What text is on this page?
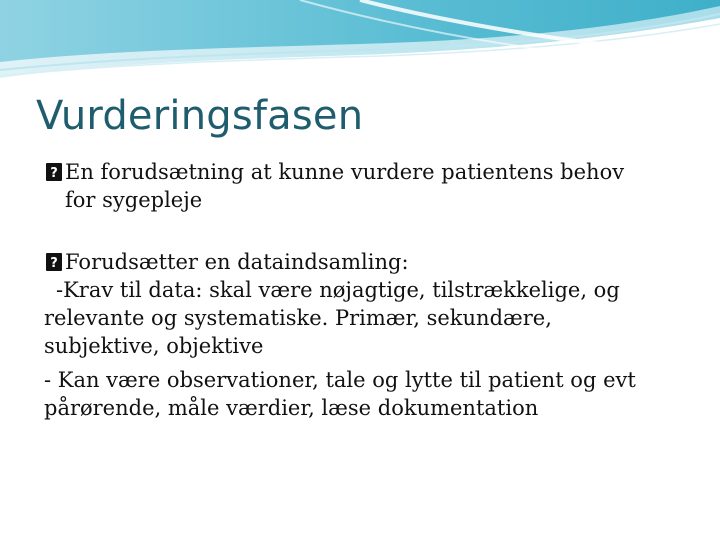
Vurderingsfasen
? En forudsætning at kunne vurdere patientens behov
for sygepleje
? Forudsætter en dataindsamling:
-Krav til data: skal være nøjagtige, tilstrækkelige, og
relevante og systematiske. Primær, sekundære,
subjektive, objektive
- Kan være observationer, tale og lytte til patient og evt
pårørende, måle værdier, læse dokumentation
